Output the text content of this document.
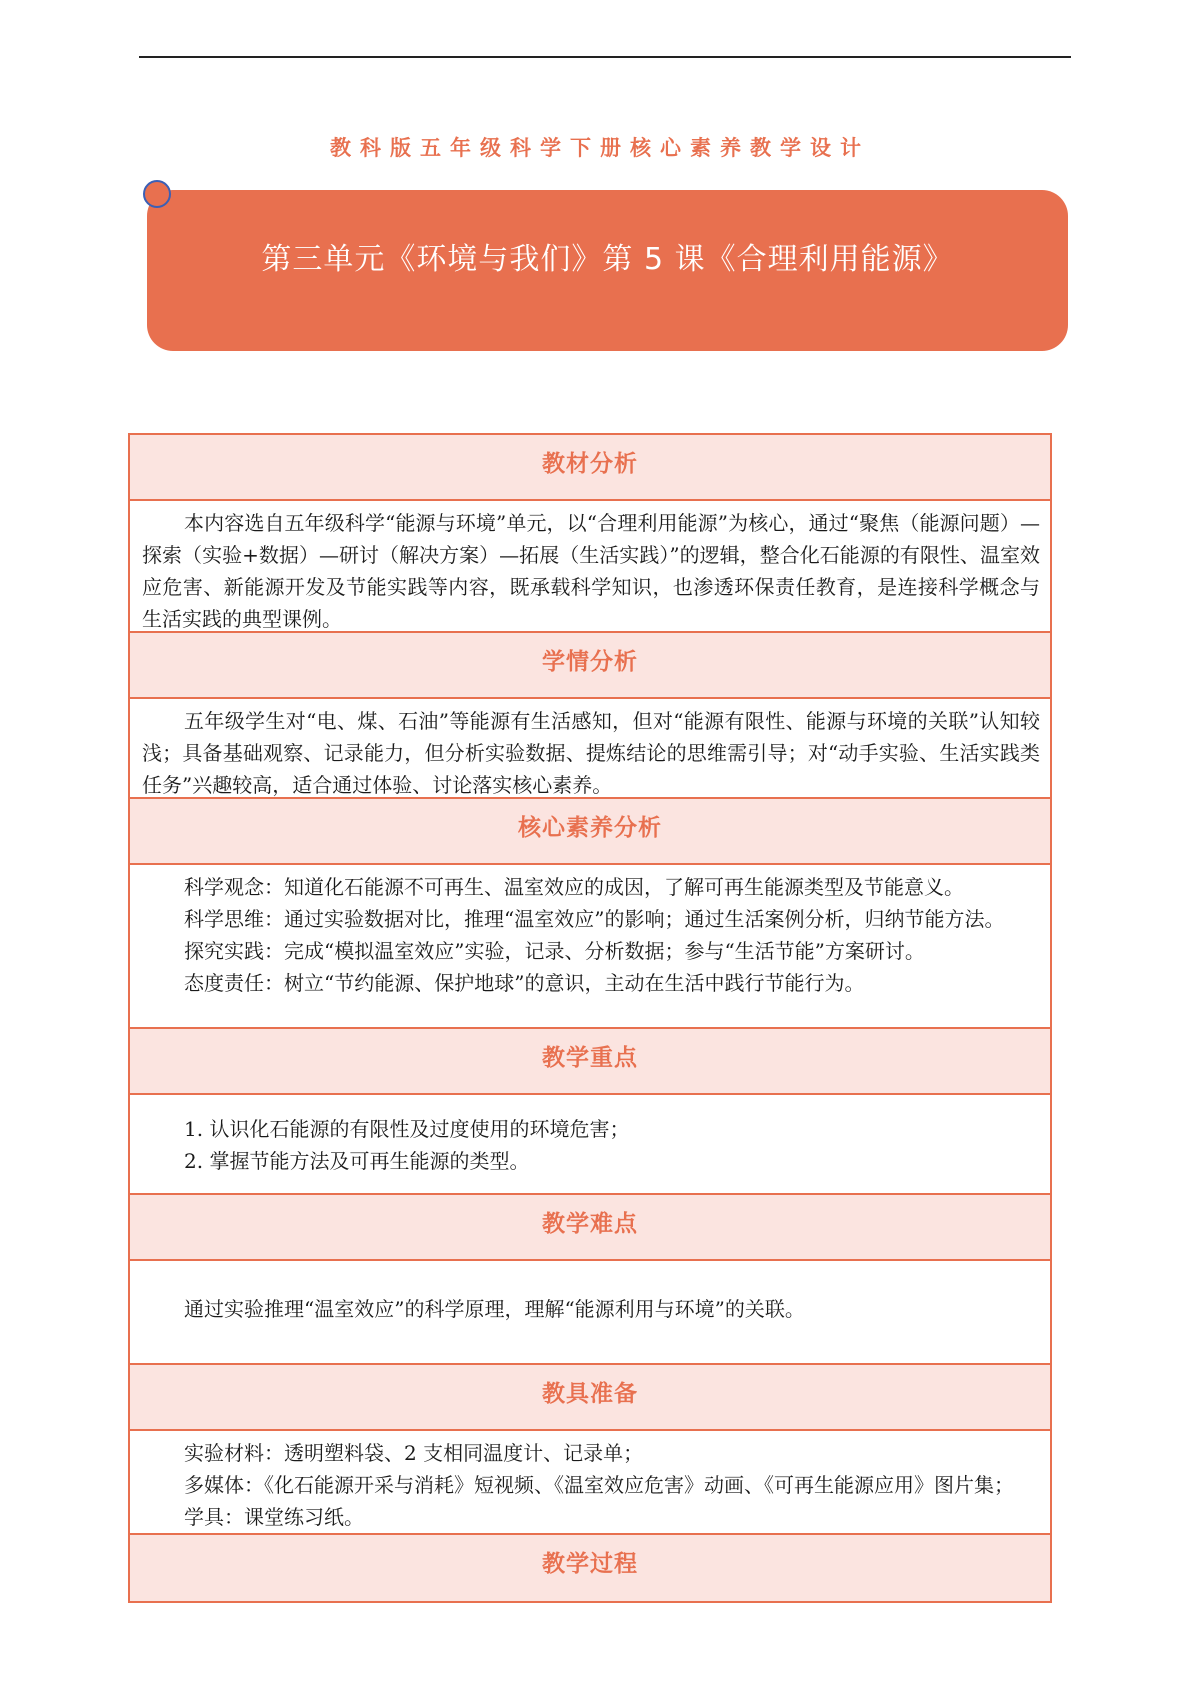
教科版五年级科学下册核心素养教学设计
第三单元《环境与我们》第 5 课《合理利用能源》
教材分析

本内容选自五年级科学“能源与环境”单元，以“合理利用能源”为核心，通过“聚焦（能源问题）—探索（实验+数据）—研讨（解决方案）—拓展（生活实践）”的逻辑，整合化石能源的有限性、温室效应危害、新能源开发及节能实践等内容，既承载科学知识，也渗透环保责任教育，是连接科学概念与生活实践的典型课例。

学情分析

五年级学生对“电、煤、石油”等能源有生活感知，但对“能源有限性、能源与环境的关联”认知较浅；具备基础观察、记录能力，但分析实验数据、提炼结论的思维需引导；对“动手实验、生活实践类任务”兴趣较高，适合通过体验、讨论落实核心素养。

核心素养分析

科学观念：知道化石能源不可再生、温室效应的成因，了解可再生能源类型及节能意义。

科学思维：通过实验数据对比，推理“温室效应”的影响；通过生活案例分析，归纳节能方法。

探究实践：完成“模拟温室效应”实验，记录、分析数据；参与“生活节能”方案研讨。

态度责任：树立“节约能源、保护地球”的意识，主动在生活中践行节能行为。

教学重点

1. 认识化石能源的有限性及过度使用的环境危害；

2. 掌握节能方法及可再生能源的类型。

教学难点

通过实验推理“温室效应”的科学原理，理解“能源利用与环境”的关联。

教具准备

实验材料：透明塑料袋、2 支相同温度计、记录单；

多媒体：《化石能源开采与消耗》短视频、《温室效应危害》动画、《可再生能源应用》图片集；

学具：课堂练习纸。

教学过程
